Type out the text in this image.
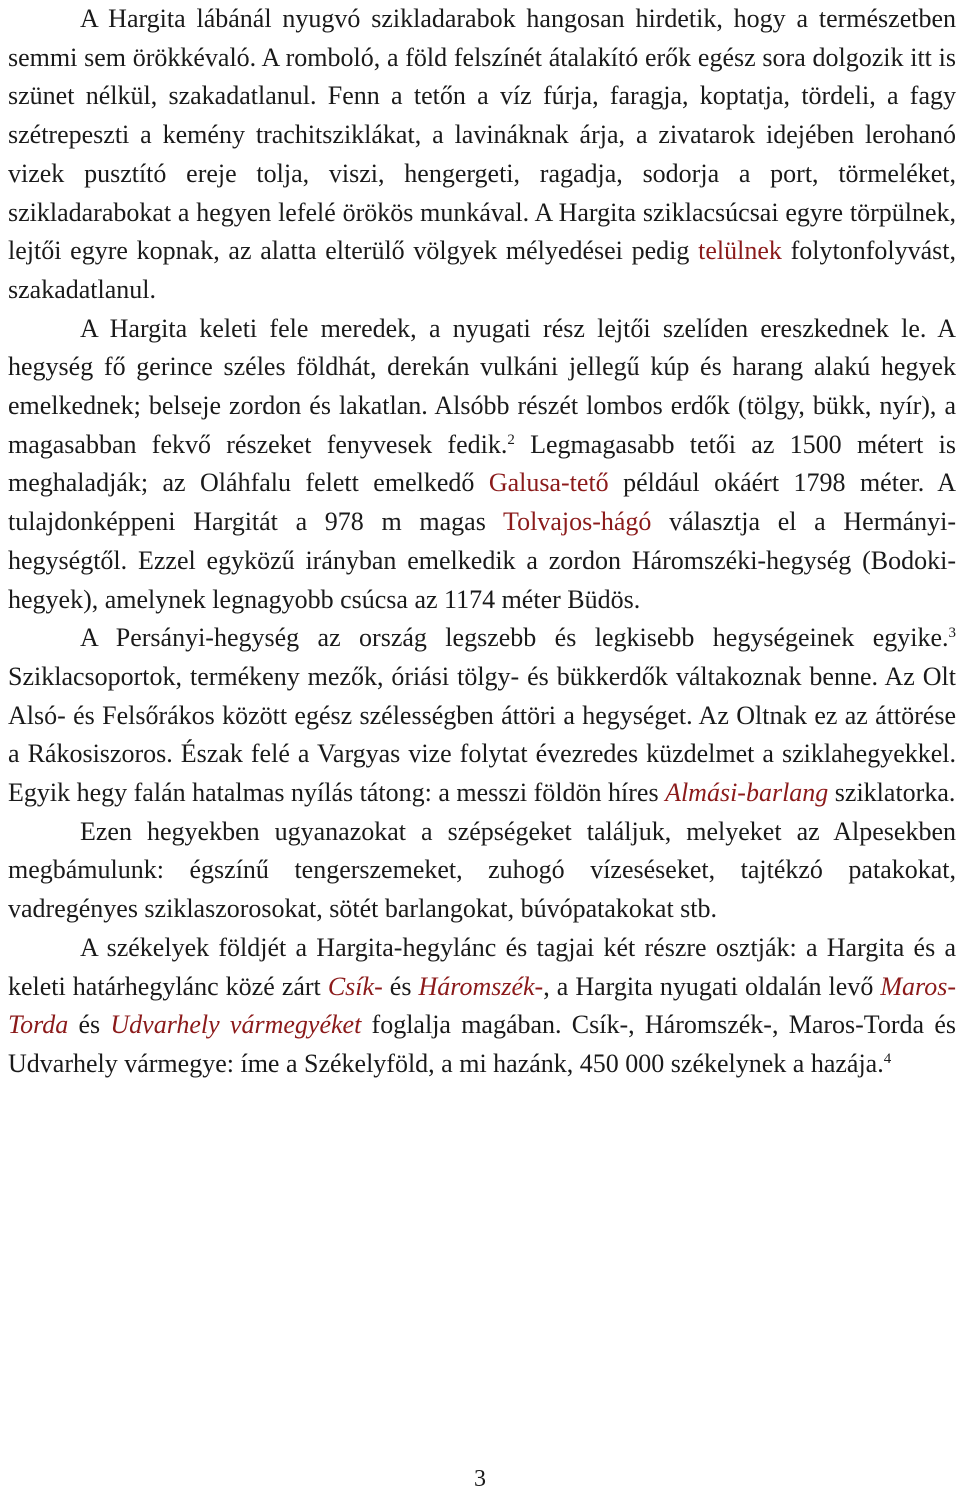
A Hargita lábánál nyugvó szikladarabok hangosan hirdetik, hogy a természetben semmi sem örökkévaló. A romboló, a föld felszínét átalakító erők egész sora dolgozik itt is szünet nélkül, szakadatlanul. Fenn a tetőn a víz fúrja, faragja, koptatja, tördeli, a fagy szétrepeszti a kemény trachitsziklákat, a lavináknak árja, a zivatarok idejében lerohanó vizek pusztító ereje tolja, viszi, hengergeti, ragadja, sodorja a port, törmeléket, szikladarabokat a hegyen lefelé örökös munkával. A Hargita sziklacsúcsai egyre törpülnek, lejtői egyre kopnak, az alatta elterülő völgyek mélyedései pedig telülnek folytonfolyvást, szakadatlanul.

A Hargita keleti fele meredek, a nyugati rész lejtői szelíden ereszkednek le. A hegység fő gerince széles földhát, derekán vulkáni jellegű kúp és harang alakú hegyek emelkednek; belseje zordon és lakatlan. Alsóbb részét lombos erdők (tölgy, bükk, nyír), a magasabban fekvő részeket fenyvesek fedik.$^2$ Legmagasabb tetői az 1500 métert is meghaladják; az Oláhfalu felett emelkedő Galusa-tető például okáért 1798 méter. A tulajdonképpeni Hargitát a 978 m magas Tolvajos-hágó választja el a Hermányi-hegységtől. Ezzel egyközű irányban emelkedik a zordon Háromszéki-hegység (Bodoki-hegyek), amelynek legnagyobb csúcsa az 1174 méter Büdös.

A Persányi-hegység az ország legszebb és legkisebb hegységeinek egyike.$^3$ Sziklacsoportok, termékeny mezők, óriási tölgy- és bükkerdők váltakoznak benne. Az Olt Alsó- és Felsőrákos között egész szélességben áttöri a hegységet. Az Oltnak ez az áttörése a Rákosiszoros. Észak felé a Vargyas vize folytat évezredes küzdelmet a sziklahegyekkel. Egyik hegy falán hatalmas nyílás tátong: a messzi földön híres Almási-barlang sziklatorka.

Ezen hegyekben ugyanazokat a szépségeket találjuk, melyeket az Alpesekben megbámulunk: égszínű tengerszemeket, zuhogó vízeséseket, tajtékzó patakokat, vadregényes sziklaszorosokat, sötét barlangokat, búvópatakokat stb.

A székelyek földjét a Hargita-hegylánc és tagjai két részre osztják: a Hargita és a keleti határhegylánc közé zárt Csík- és Háromszék-, a Hargita nyugati oldalán levő Maros-Torda és Udvarhely vármegyéket foglalja magában. Csík-, Háromszék-, Maros-Torda és Udvarhely vármegye: íme a Székelyföld, a mi hazánk, 450 000 székelynek a hazája.$^4$

3
